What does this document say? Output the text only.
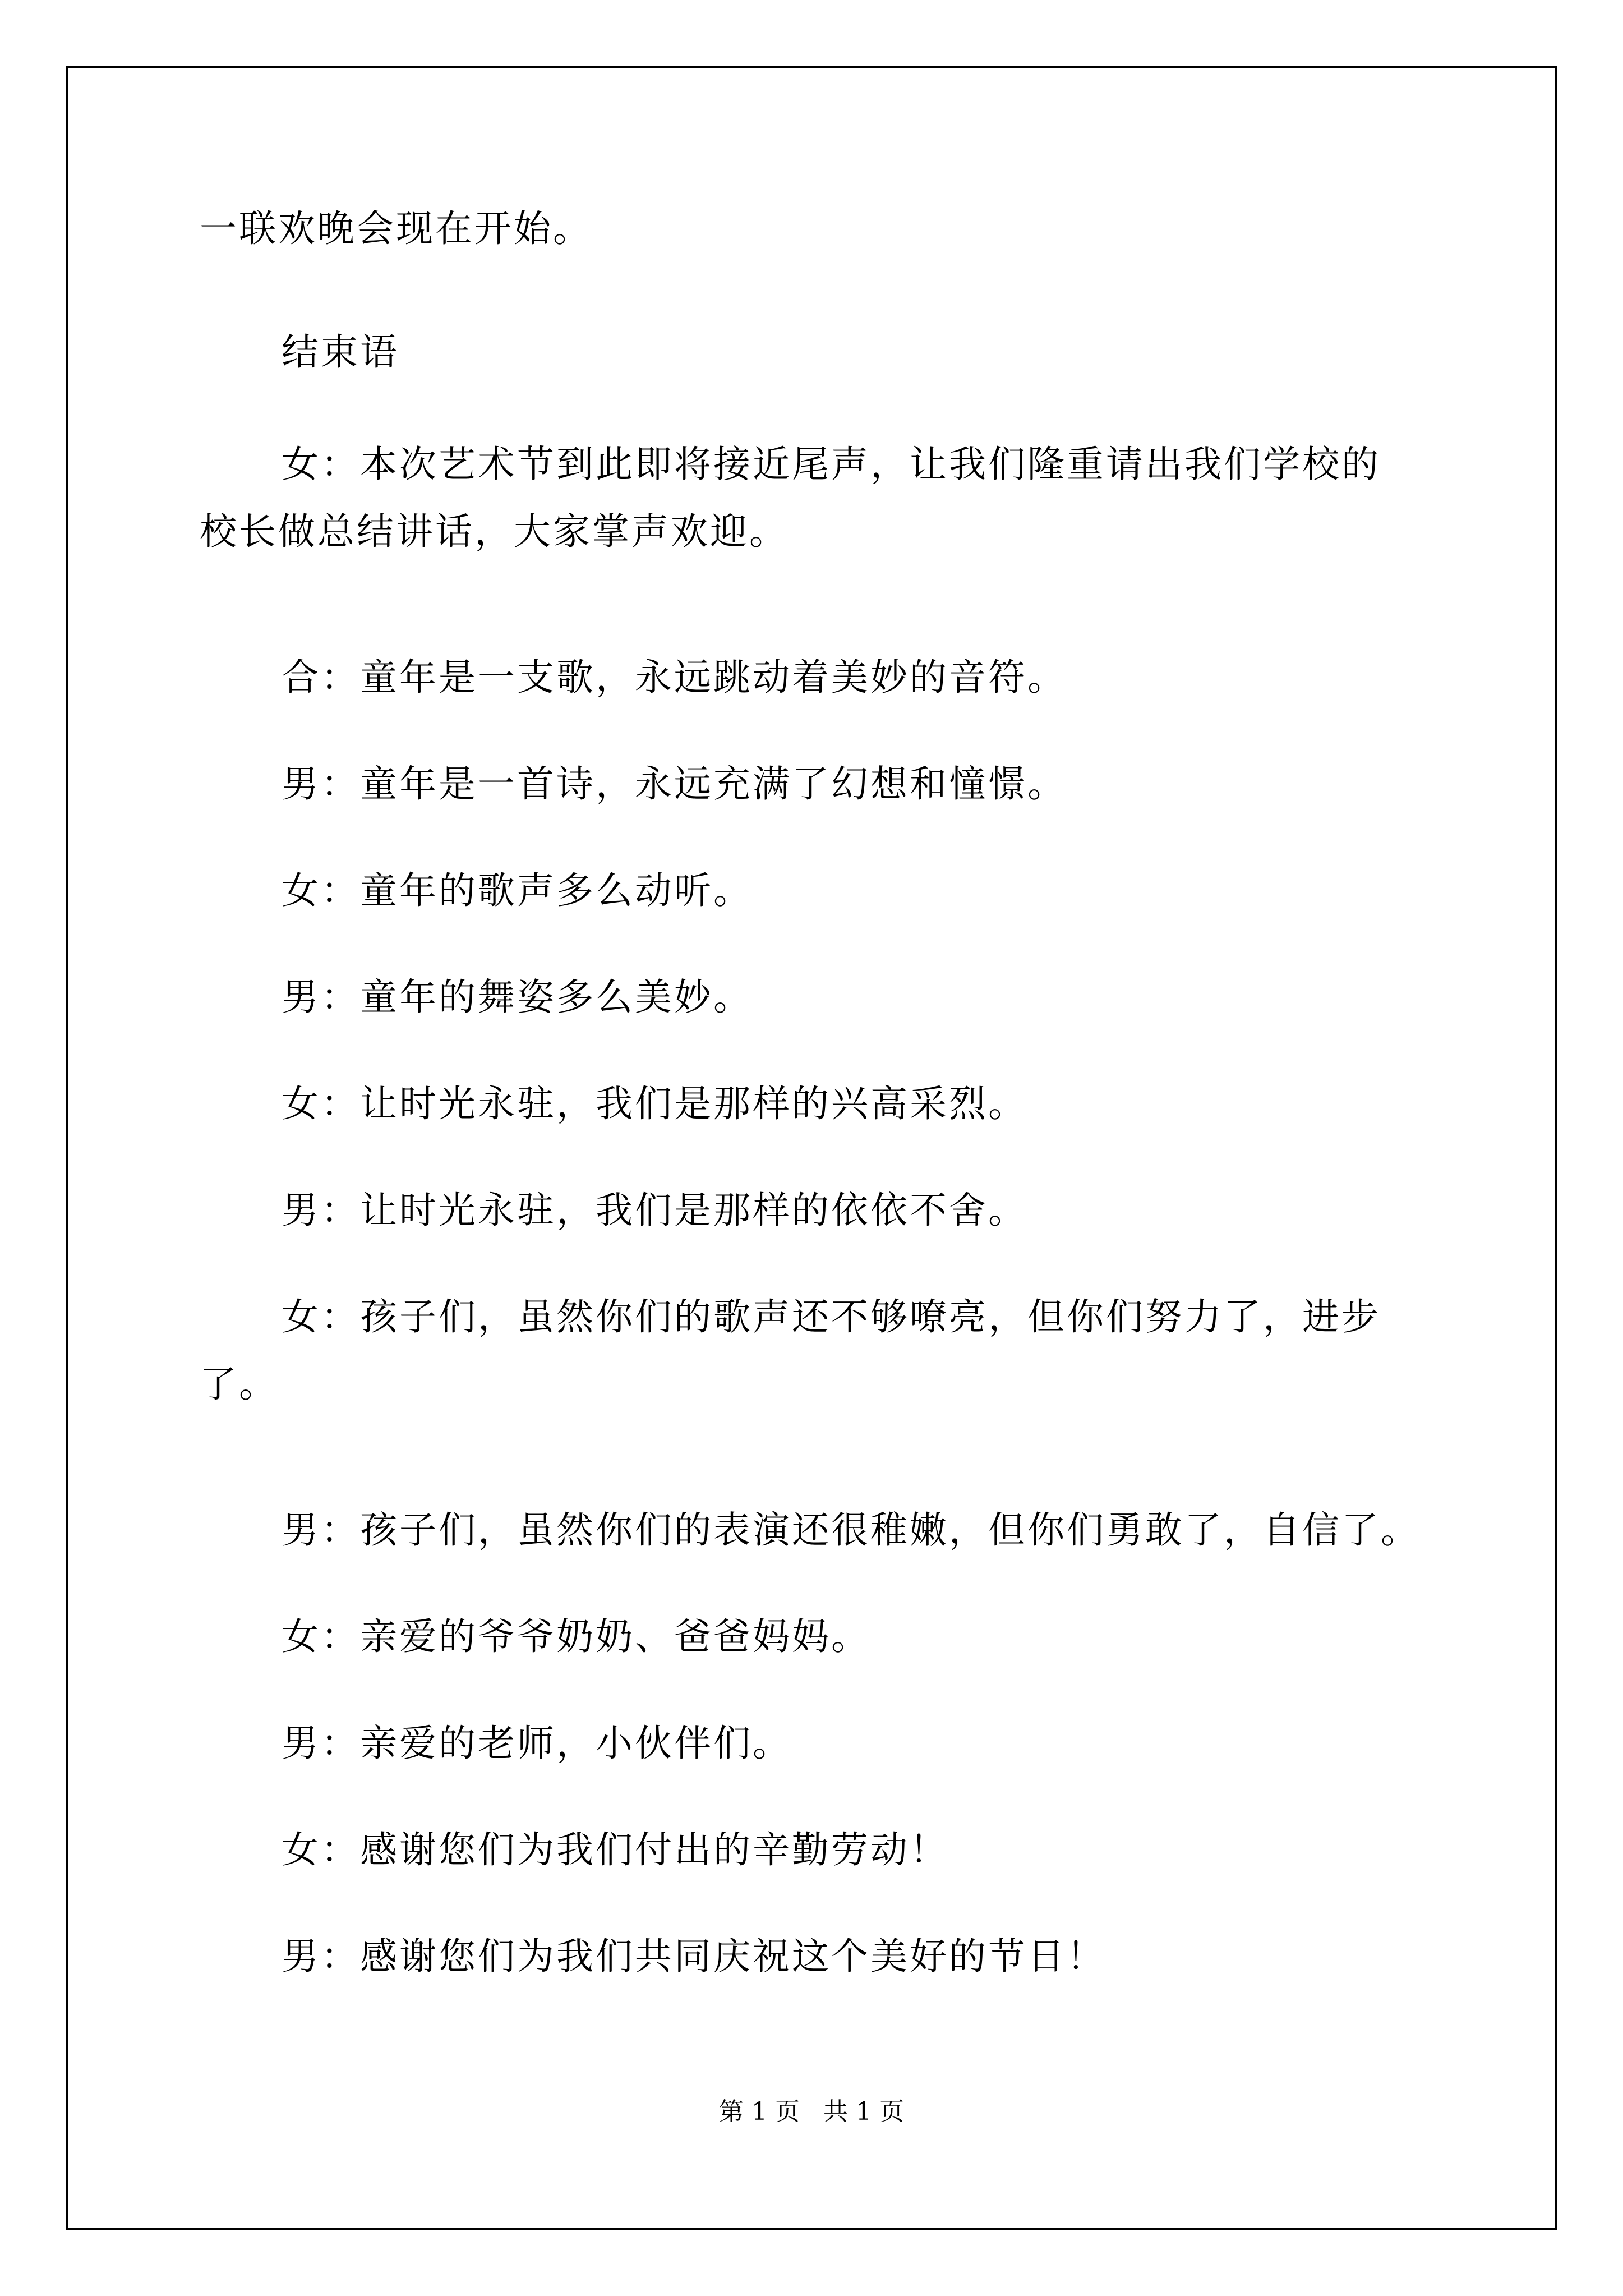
一联欢晚会现在开始。
结束语
女：本次艺术节到此即将接近尾声，让我们隆重请出我们学校的
校长做总结讲话，大家掌声欢迎。
合：童年是一支歌，永远跳动着美妙的音符。
男：童年是一首诗，永远充满了幻想和憧憬。
女：童年的歌声多么动听。
男：童年的舞姿多么美妙。
女：让时光永驻，我们是那样的兴高采烈。
男：让时光永驻，我们是那样的依依不舍。
女：孩子们，虽然你们的歌声还不够嘹亮，但你们努力了，进步
了。
男：孩子们，虽然你们的表演还很稚嫩，但你们勇敢了，自信了。
女：亲爱的爷爷奶奶、爸爸妈妈。
男：亲爱的老师，小伙伴们。
女：感谢您们为我们付出的辛勤劳动！
男：感谢您们为我们共同庆祝这个美好的节日！
第 1 页   共 1 页
